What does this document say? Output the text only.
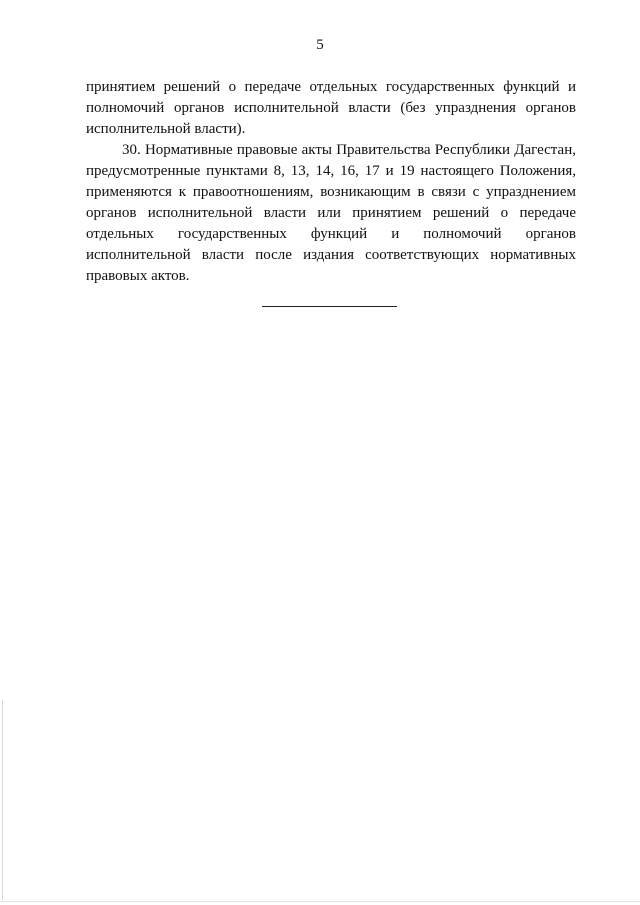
5

принятием решений о передаче отдельных государственных функций и полномочий органов исполнительной власти (без упразднения органов исполнительной власти).

30. Нормативные правовые акты Правительства Республики Дагестан, предусмотренные пунктами 8, 13, 14, 16, 17 и 19 настоящего Положения, применяются к правоотношениям, возникающим в связи с упразднением органов исполнительной власти или принятием решений о передаче отдельных государственных функций и полномочий органов исполнительной власти после издания соответствующих нормативных правовых актов.
